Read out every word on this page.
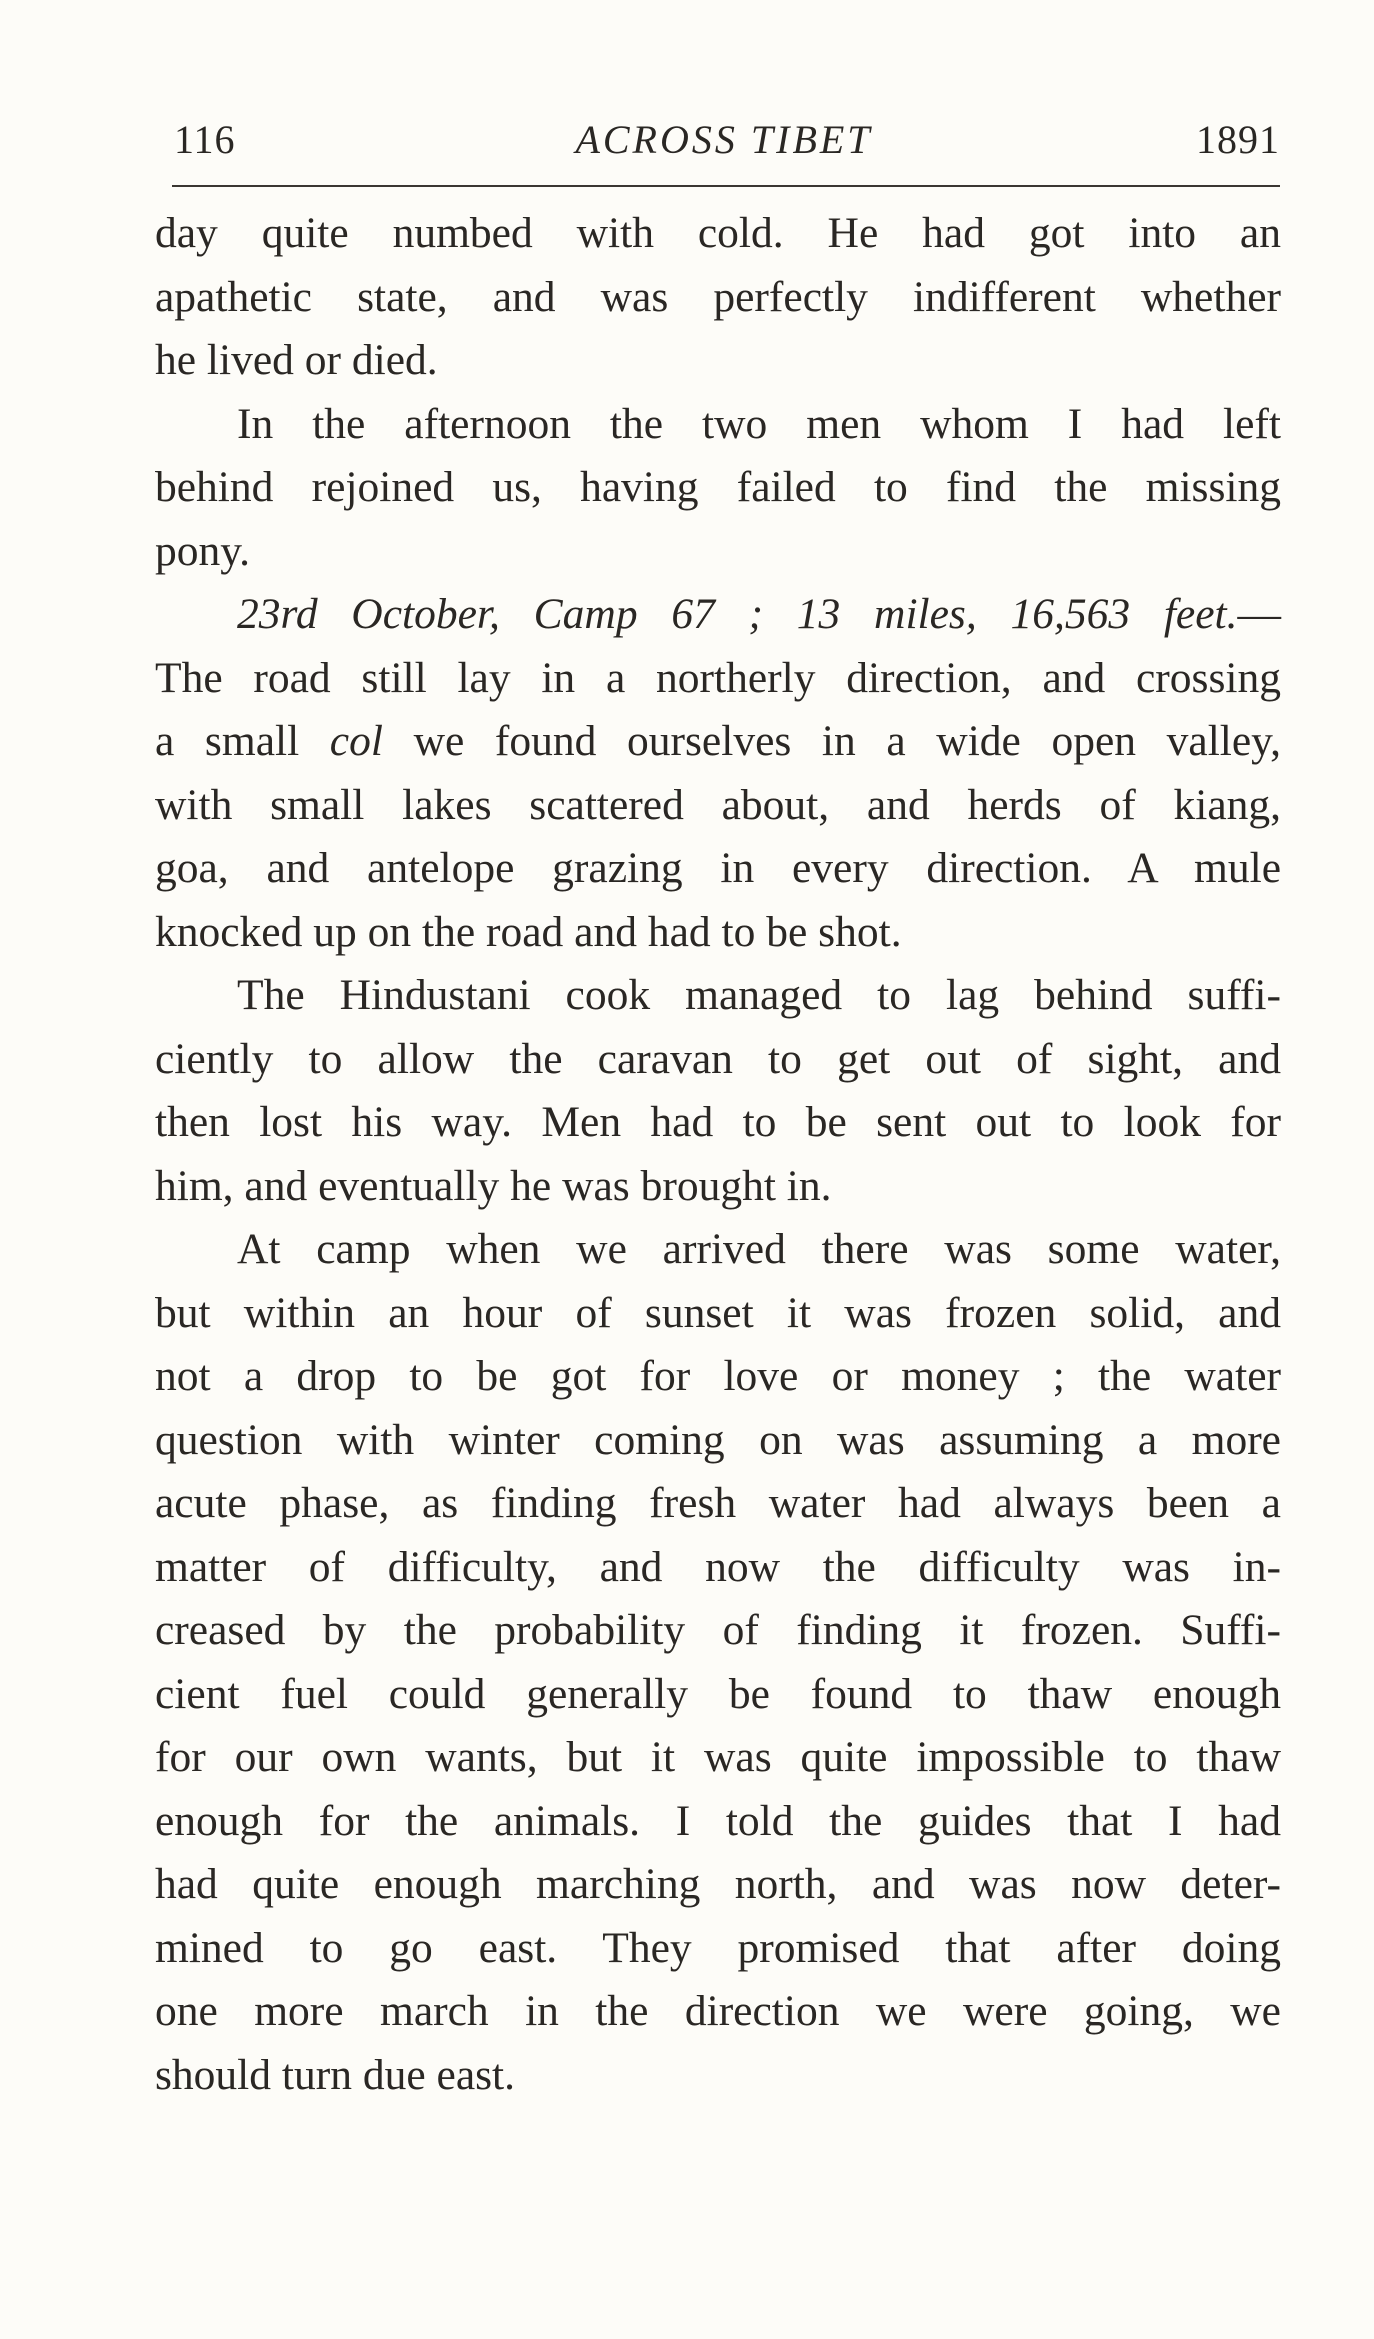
116	ACROSS TIBET	1891
day quite numbed with cold. He had got into an
apathetic state, and was perfectly indifferent whether
he lived or died.
In the afternoon the two men whom I had left
behind rejoined us, having failed to find the missing
pony.
23rd October, Camp 67 ; 13 miles, 16,563 feet.—
The road still lay in a northerly direction, and crossing
a small col we found ourselves in a wide open valley,
with small lakes scattered about, and herds of kiang,
goa, and antelope grazing in every direction. A mule
knocked up on the road and had to be shot.
The Hindustani cook managed to lag behind suffi-
ciently to allow the caravan to get out of sight, and
then lost his way. Men had to be sent out to look for
him, and eventually he was brought in.
At camp when we arrived there was some water,
but within an hour of sunset it was frozen solid, and
not a drop to be got for love or money ; the water
question with winter coming on was assuming a more
acute phase, as finding fresh water had always been a
matter of difficulty, and now the difficulty was in-
creased by the probability of finding it frozen. Suffi-
cient fuel could generally be found to thaw enough
for our own wants, but it was quite impossible to thaw
enough for the animals. I told the guides that I had
had quite enough marching north, and was now deter-
mined to go east. They promised that after doing
one more march in the direction we were going, we
should turn due east.
